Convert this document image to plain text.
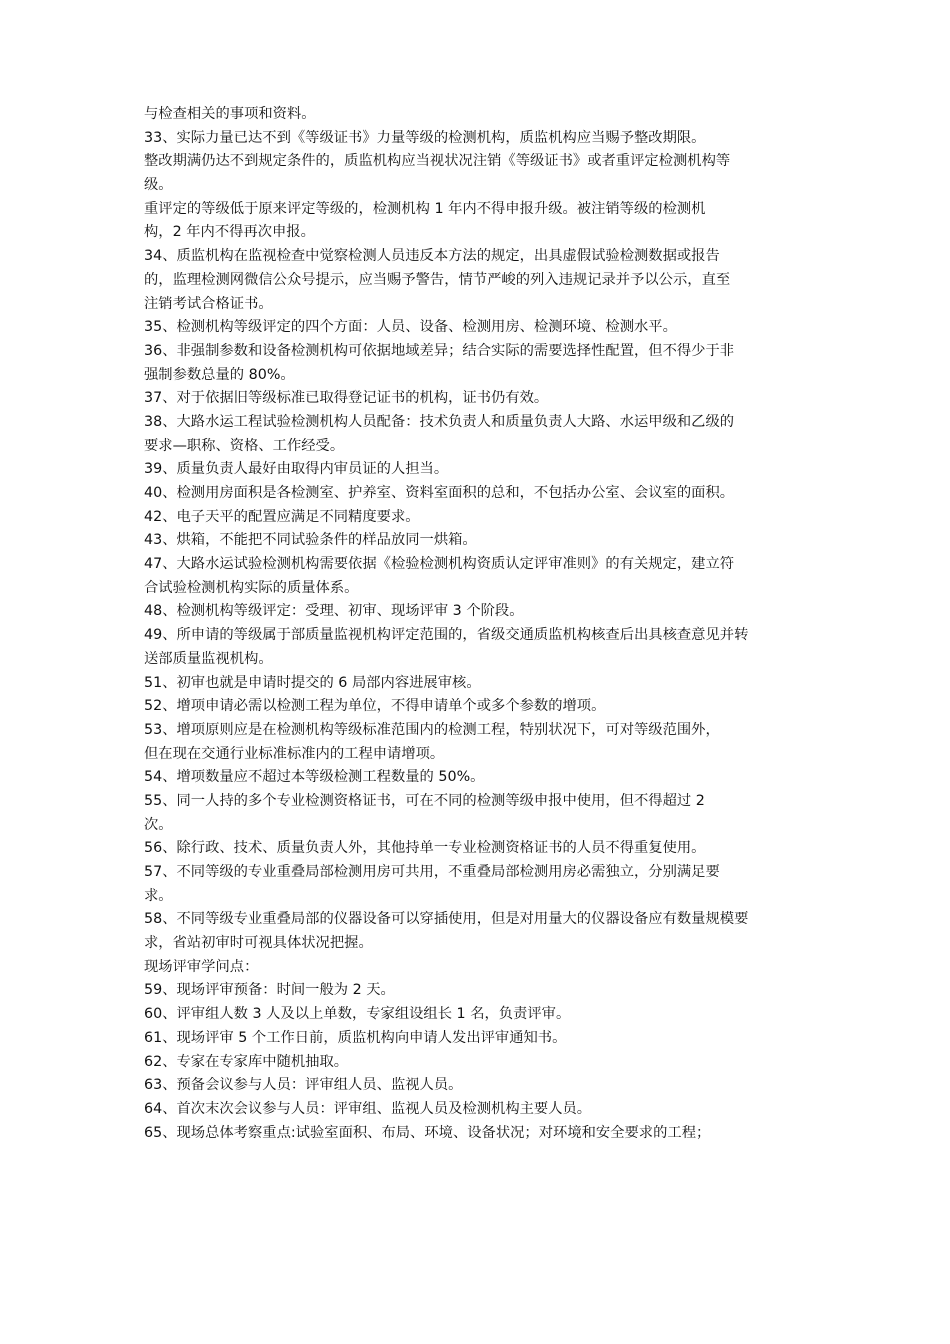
与检查相关的事项和资料。
33、实际力量已达不到《等级证书》力量等级的检测机构，质监机构应当赐予整改期限。
整改期满仍达不到规定条件的，质监机构应当视状况注销《等级证书》或者重评定检测机构等
级。
重评定的等级低于原来评定等级的，检测机构 1 年内不得申报升级。被注销等级的检测机
构，2 年内不得再次申报。
34、质监机构在监视检查中觉察检测人员违反本方法的规定，出具虚假试验检测数据或报告
的，监理检测网微信公众号提示，应当赐予警告，情节严峻的列入违规记录并予以公示，直至
注销考试合格证书。
35、检测机构等级评定的四个方面：人员、设备、检测用房、检测环境、检测水平。
36、非强制参数和设备检测机构可依据地域差异；结合实际的需要选择性配置，但不得少于非
强制参数总量的 80%。
37、对于依据旧等级标准已取得登记证书的机构，证书仍有效。
38、大路水运工程试验检测机构人员配备：技术负责人和质量负责人大路、水运甲级和乙级的
要求—职称、资格、工作经受。
39、质量负责人最好由取得内审员证的人担当。
40、检测用房面积是各检测室、护养室、资料室面积的总和，不包括办公室、会议室的面积。
42、电子天平的配置应满足不同精度要求。
43、烘箱，不能把不同试验条件的样品放同一烘箱。
47、大路水运试验检测机构需要依据《检验检测机构资质认定评审准则》的有关规定，建立符
合试验检测机构实际的质量体系。
48、检测机构等级评定：受理、初审、现场评审 3 个阶段。
49、所申请的等级属于部质量监视机构评定范围的，省级交通质监机构核查后出具核查意见并转
送部质量监视机构。
51、初审也就是申请时提交的 6 局部内容进展审核。
52、增项申请必需以检测工程为单位，不得申请单个或多个参数的增项。
53、增项原则应是在检测机构等级标准范围内的检测工程，特别状况下，可对等级范围外，
但在现在交通行业标准标准内的工程申请增项。
54、增项数量应不超过本等级检测工程数量的 50%。
55、同一人持的多个专业检测资格证书，可在不同的检测等级申报中使用，但不得超过 2
次。
56、除行政、技术、质量负责人外，其他持单一专业检测资格证书的人员不得重复使用。
57、不同等级的专业重叠局部检测用房可共用，不重叠局部检测用房必需独立，分别满足要
求。
58、不同等级专业重叠局部的仪器设备可以穿插使用，但是对用量大的仪器设备应有数量规模要
求，省站初审时可视具体状况把握。
现场评审学问点：
59、现场评审预备：时间一般为 2 天。
60、评审组人数 3 人及以上单数，专家组设组长 1 名，负责评审。
61、现场评审 5 个工作日前，质监机构向申请人发出评审通知书。
62、专家在专家库中随机抽取。
63、预备会议参与人员：评审组人员、监视人员。
64、首次末次会议参与人员：评审组、监视人员及检测机构主要人员。
65、现场总体考察重点:试验室面积、布局、环境、设备状况；对环境和安全要求的工程；
